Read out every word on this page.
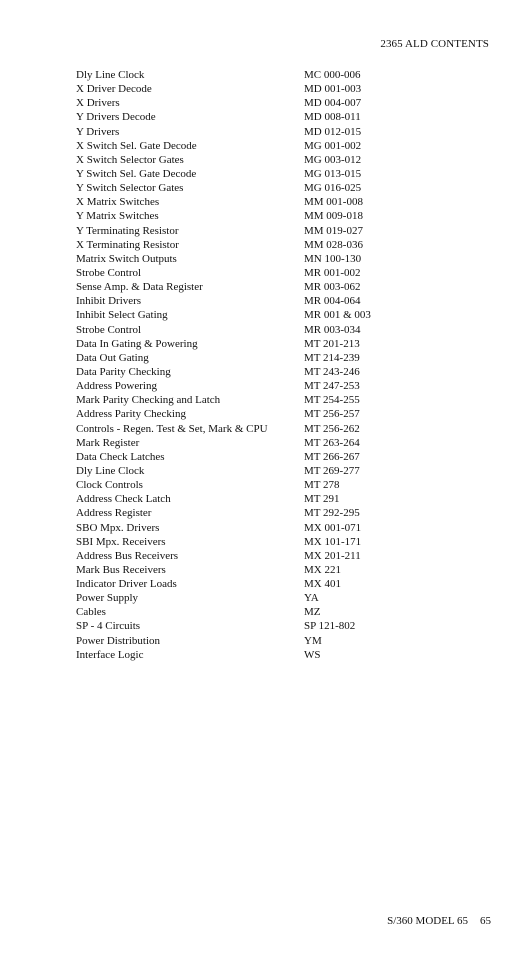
2365 ALD CONTENTS
Dly Line Clock	MC 000-006
X Driver Decode	MD 001-003
X Drivers	MD 004-007
Y Drivers Decode	MD 008-011
Y Drivers	MD 012-015
X Switch Sel. Gate Decode	MG 001-002
X Switch Selector Gates	MG 003-012
Y Switch Sel. Gate Decode	MG 013-015
Y Switch Selector Gates	MG 016-025
X Matrix Switches	MM 001-008
Y Matrix Switches	MM 009-018
Y Terminating Resistor	MM 019-027
X Terminating Resistor	MM 028-036
Matrix Switch Outputs	MN 100-130
Strobe Control	MR 001-002
Sense Amp. & Data Register	MR 003-062
Inhibit Drivers	MR 004-064
Inhibit Select Gating	MR 001 & 003
Strobe Control	MR 003-034
Data In Gating & Powering	MT 201-213
Data Out Gating	MT 214-239
Data Parity Checking	MT 243-246
Address Powering	MT 247-253
Mark Parity Checking and Latch	MT 254-255
Address Parity Checking	MT 256-257
Controls - Regen. Test & Set, Mark & CPU	MT 256-262
Mark Register	MT 263-264
Data Check Latches	MT 266-267
Dly Line Clock	MT 269-277
Clock Controls	MT 278
Address Check Latch	MT 291
Address Register	MT 292-295
SBO Mpx. Drivers	MX 001-071
SBI Mpx. Receivers	MX 101-171
Address Bus Receivers	MX 201-211
Mark Bus Receivers	MX 221
Indicator Driver Loads	MX 401
Power Supply	YA
Cables	MZ
SP - 4 Circuits	SP 121-802
Power Distribution	YM
Interface Logic	WS
S/360 MODEL 65 65
